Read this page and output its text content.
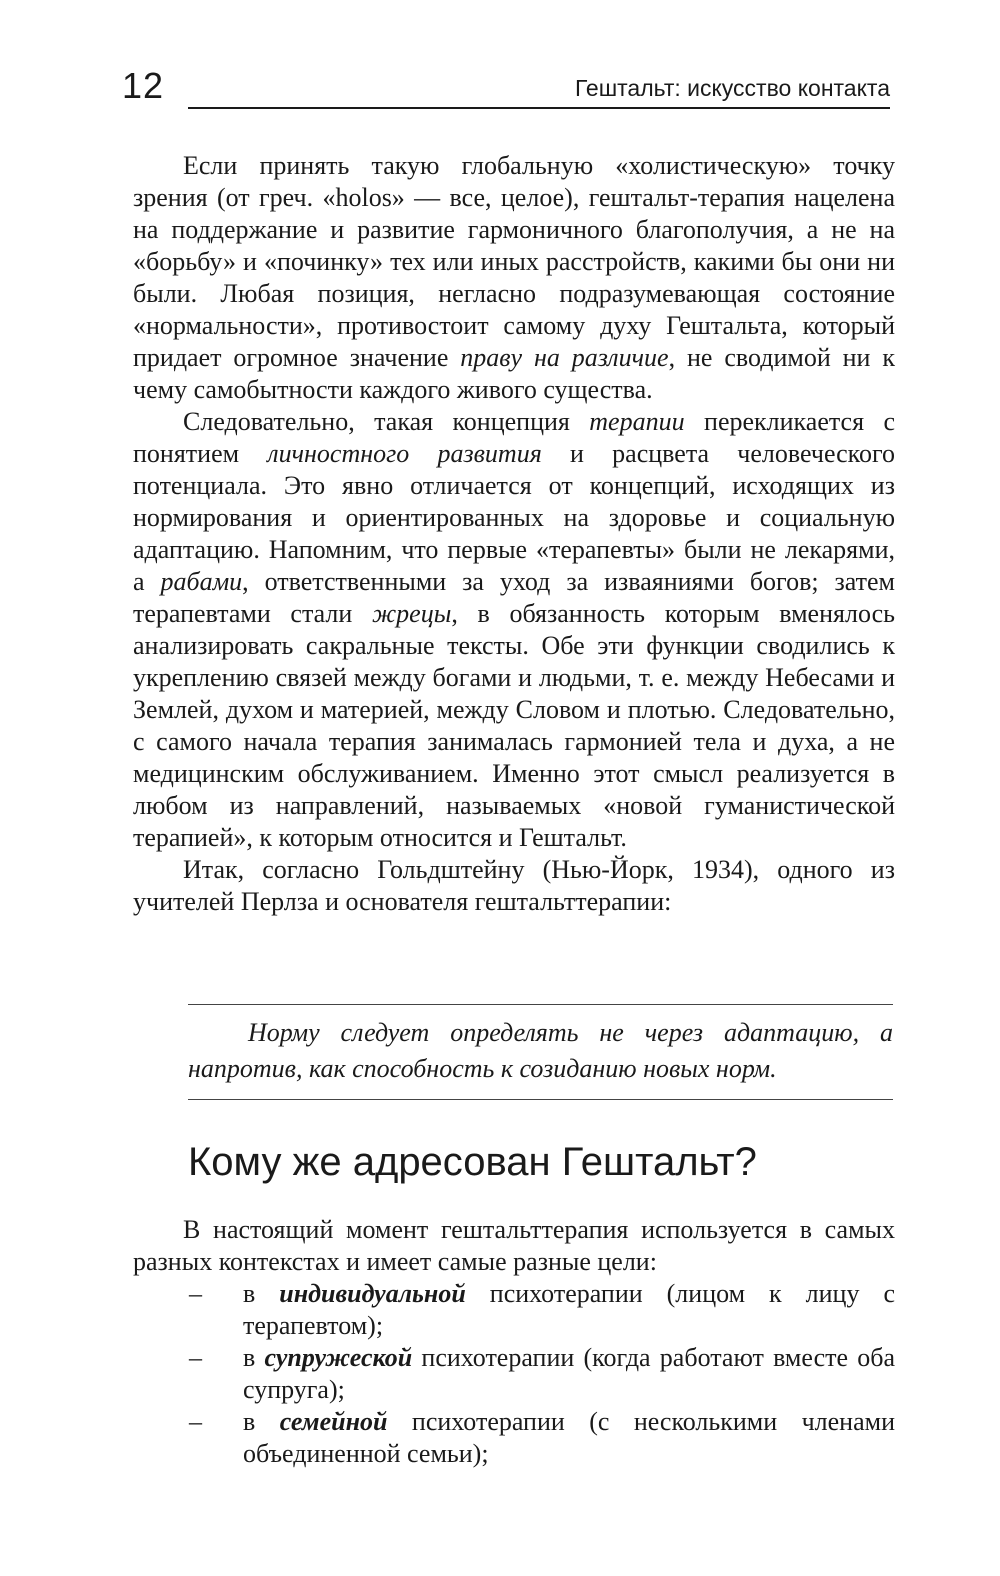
12	Гештальт: искусство контакта

Если принять такую глобальную «холистическую» точку зрения (от греч. «holos» — все, целое), гештальт-терапия нацелена на поддержание и развитие гармоничного благополучия, а не на «борьбу» и «починку» тех или иных расстройств, какими бы они ни были. Любая позиция, негласно подразумевающая состояние «нормальности», противостоит самому духу Гештальта, который придает огромное значение праву на различие, не сводимой ни к чему самобытности каждого живого существа.

Следовательно, такая концепция терапии перекликается с понятием личностного развития и расцвета человеческого потенциала. Это явно отличается от концепций, исходящих из нормирования и ориентированных на здоровье и социальную адаптацию. Напомним, что первые «терапевты» были не лекарями, а рабами, ответственными за уход за изваяниями богов; затем терапевтами стали жрецы, в обязанность которым вменялось анализировать сакральные тексты. Обе эти функции сводились к укреплению связей между богами и людьми, т. е. между Небесами и Землей, духом и материей, между Словом и плотью. Следовательно, с самого начала терапия занималась гармонией тела и духа, а не медицинским обслуживанием. Именно этот смысл реализуется в любом из направлений, называемых «новой гуманистической терапией», к которым относится и Гештальт.

Итак, согласно Гольдштейну (Нью-Йорк, 1934), одного из учителей Перлза и основателя гештальттерапии:

Норму следует определять не через адаптацию, а напротив, как способность к созиданию новых норм.

Кому же адресован Гештальт?

В настоящий момент гештальттерапия используется в самых разных контекстах и имеет самые разные цели:

– в индивидуальной психотерапии (лицом к лицу с терапевтом);
– в супружеской психотерапии (когда работают вместе оба супруга);
– в семейной психотерапии (с несколькими членами объединенной семьи);
